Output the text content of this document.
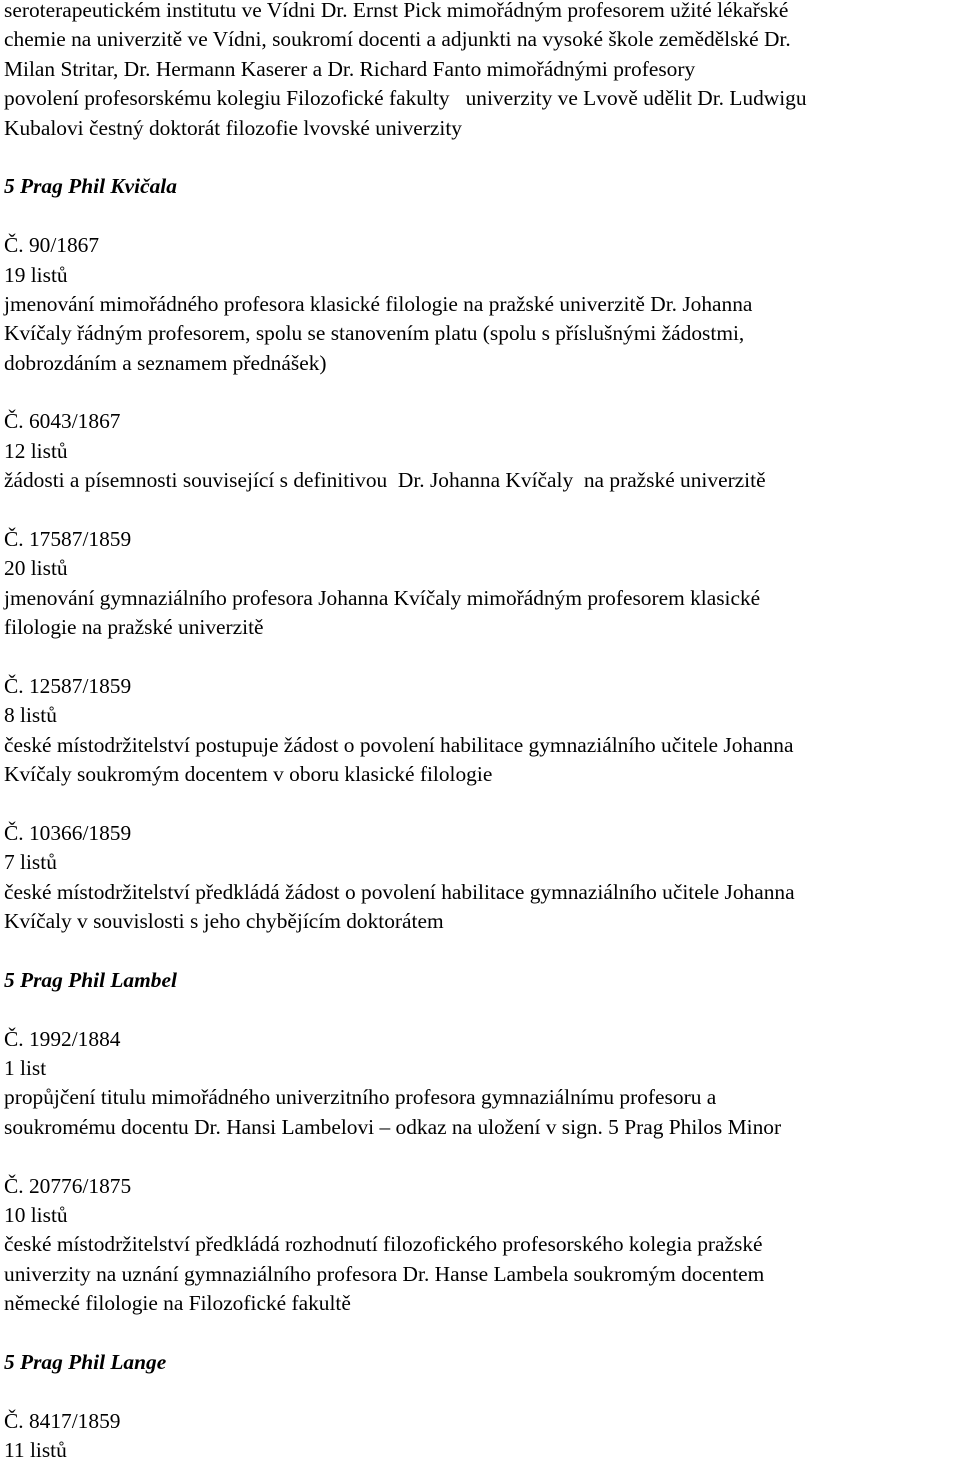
seroterapeutickém institutu ve Vídni Dr. Ernst Pick mimořádným profesorem užité lékařské
chemie na univerzitě ve Vídni, soukromí docenti a adjunkti na vysoké škole zemědělské Dr.
Milan Stritar, Dr. Hermann Kaserer a Dr. Richard Fanto mimořádnými profesory
povolení profesorskému kolegiu Filozofické fakulty   univerzity ve Lvově udělit Dr. Ludwigu
Kubalovi čestný doktorát filozofie lvovské univerzity
5 Prag Phil Kvičala
Č. 90/1867
19 listů
jmenování mimořádného profesora klasické filologie na pražské univerzitě Dr. Johanna
Kvíčaly řádným profesorem, spolu se stanovením platu (spolu s příslušnými žádostmi,
dobrozdáním a seznamem přednášek)
Č. 6043/1867
12 listů
žádosti a písemnosti související s definitivou  Dr. Johanna Kvíčaly  na pražské univerzitě
Č. 17587/1859
20 listů
jmenování gymnaziálního profesora Johanna Kvíčaly mimořádným profesorem klasické
filologie na pražské univerzitě
Č. 12587/1859
8 listů
české místodržitelství postupuje žádost o povolení habilitace gymnaziálního učitele Johanna
Kvíčaly soukromým docentem v oboru klasické filologie
Č. 10366/1859
7 listů
české místodržitelství předkládá žádost o povolení habilitace gymnaziálního učitele Johanna
Kvíčaly v souvislosti s jeho chybějícím doktorátem
5 Prag Phil Lambel
Č. 1992/1884
1 list
propůjčení titulu mimořádného univerzitního profesora gymnaziálnímu profesoru a
soukromému docentu Dr. Hansi Lambelovi – odkaz na uložení v sign. 5 Prag Philos Minor
Č. 20776/1875
10 listů
české místodržitelství předkládá rozhodnutí filozofického profesorského kolegia pražské
univerzity na uznání gymnaziálního profesora Dr. Hanse Lambela soukromým docentem
německé filologie na Filozofické fakultě
5 Prag Phil Lange
Č. 8417/1859
11 listů
